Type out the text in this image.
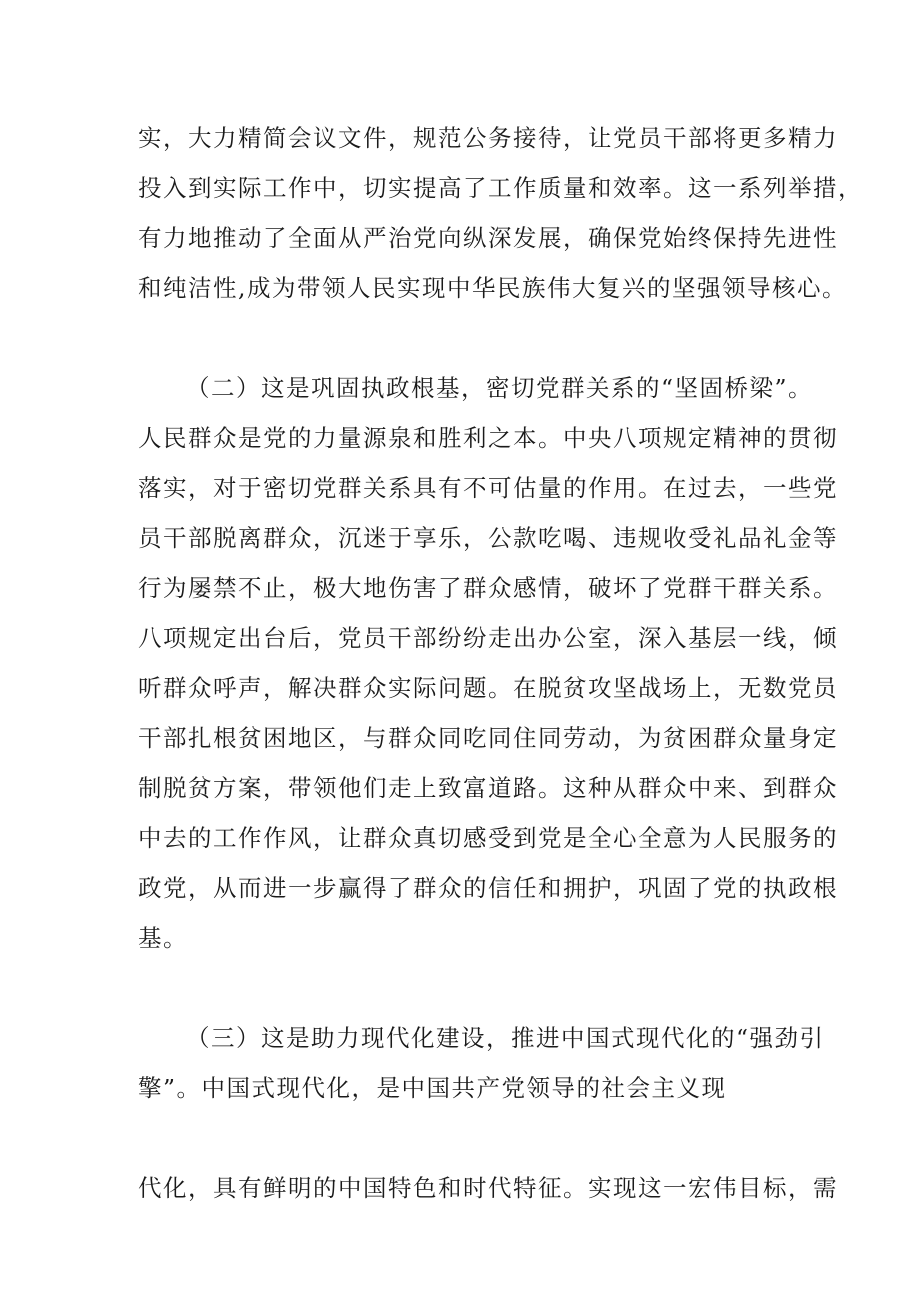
实，大力精简会议文件，规范公务接待，让党员干部将更多精力
投入到实际工作中，切实提高了工作质量和效率。这一系列举措，
有力地推动了全面从严治党向纵深发展，确保党始终保持先进性
和纯洁性,成为带领人民实现中华民族伟大复兴的坚强领导核心。
（二）这是巩固执政根基，密切党群关系的“坚固桥梁”。
人民群众是党的力量源泉和胜利之本。中央八项规定精神的贯彻
落实，对于密切党群关系具有不可估量的作用。在过去，一些党
员干部脱离群众，沉迷于享乐，公款吃喝、违规收受礼品礼金等
行为屡禁不止，极大地伤害了群众感情，破坏了党群干群关系。
八项规定出台后，党员干部纷纷走出办公室，深入基层一线，倾
听群众呼声，解决群众实际问题。在脱贫攻坚战场上，无数党员
干部扎根贫困地区，与群众同吃同住同劳动，为贫困群众量身定
制脱贫方案，带领他们走上致富道路。这种从群众中来、到群众
中去的工作作风，让群众真切感受到党是全心全意为人民服务的
政党，从而进一步赢得了群众的信任和拥护，巩固了党的执政根
基。
（三）这是助力现代化建设，推进中国式现代化的“强劲引
擎”。中国式现代化，是中国共产党领导的社会主义现
代化，具有鲜明的中国特色和时代特征。实现这一宏伟目标，需
